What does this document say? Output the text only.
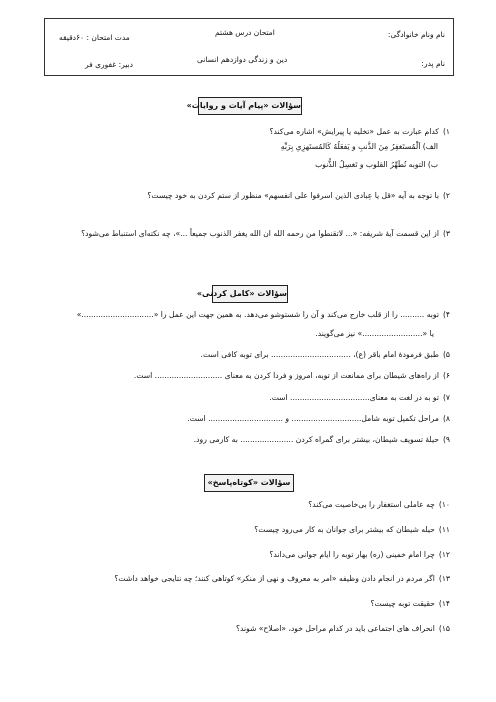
نام ونام خانوادگی:
نام پدر:
امتحان درس هشتم
دین و زندگی دوازدهم انسانی
مدت امتحان : ۶۰دقیقه
دبیر: غفوری فر
سؤالات «پیام آیات و روایات»
۱)کدام عبارت به عمل «تخلیه یا پیرایش» اشاره می‌کند؟
الف) اَلْمُستَغفِرُ مِنَ الذَّنبِ و یَفعَلُهُ کَالمُستَهزِیِ بِرَبِّهِ
ب) التوبه تُطَهِّرُ القلوب و تَغسِلُ الذُّنوب
۲)با توجه به آیه «قل یا عِبادی الذین اسرفوا علی انفسهم» منظور از ستم کردن به خود چیست؟
۳)از این قسمت آیهٔ شریفه: «... لاتقنطوا من رحمه الله ان الله یغفر الذنوب جمیعاً ...»، چه نکته‌ای استنباط می‌شود؟
سؤالات «کامل کردنی»
۴)توبه .......... را از قلب خارج می‌کند و آن را شستوشو می‌دهد. به همین جهت این عمل را «..............................»
یا «.........................» نیز می‌گویند.
۵)طبق فرمودهٔ امام باقر (ع)، ................................. برای توبه کافی است.
۶)از راه‌های شیطان برای ممانعت از توبه، امروز و فردا کردن به معنای ............................ است.
۷)تو به در لغت به معنای................................. است.
۸)مراحل تکمیل توبه شامل............................. و ............................... است.
۹)حیلهٔ تسویف شیطان، بیشتر برای گمراه کردن ...................... به کارمی رود.
سؤالات «کوتاه‌پاسخ»
۱۰)چه عاملی استغفار را بی‌خاصیت می‌کند؟
۱۱)حیله شیطان که بیشتر برای جوانان به کار می‌رود چیست؟
۱۲)چرا امام خمینی (ره) بهار توبه را ایام جوانی می‌داند؟
۱۳)اگر مردم در انجام دادن وظیفه «امر به معروف و نهی از منکر» کوتاهی کنند؛ چه نتایجی خواهد داشت؟
۱۴)حقیقت توبه چیست؟
۱۵)انحراف های اجتماعی باید در کدام مراحل خود، «اصلاح» شوند؟
